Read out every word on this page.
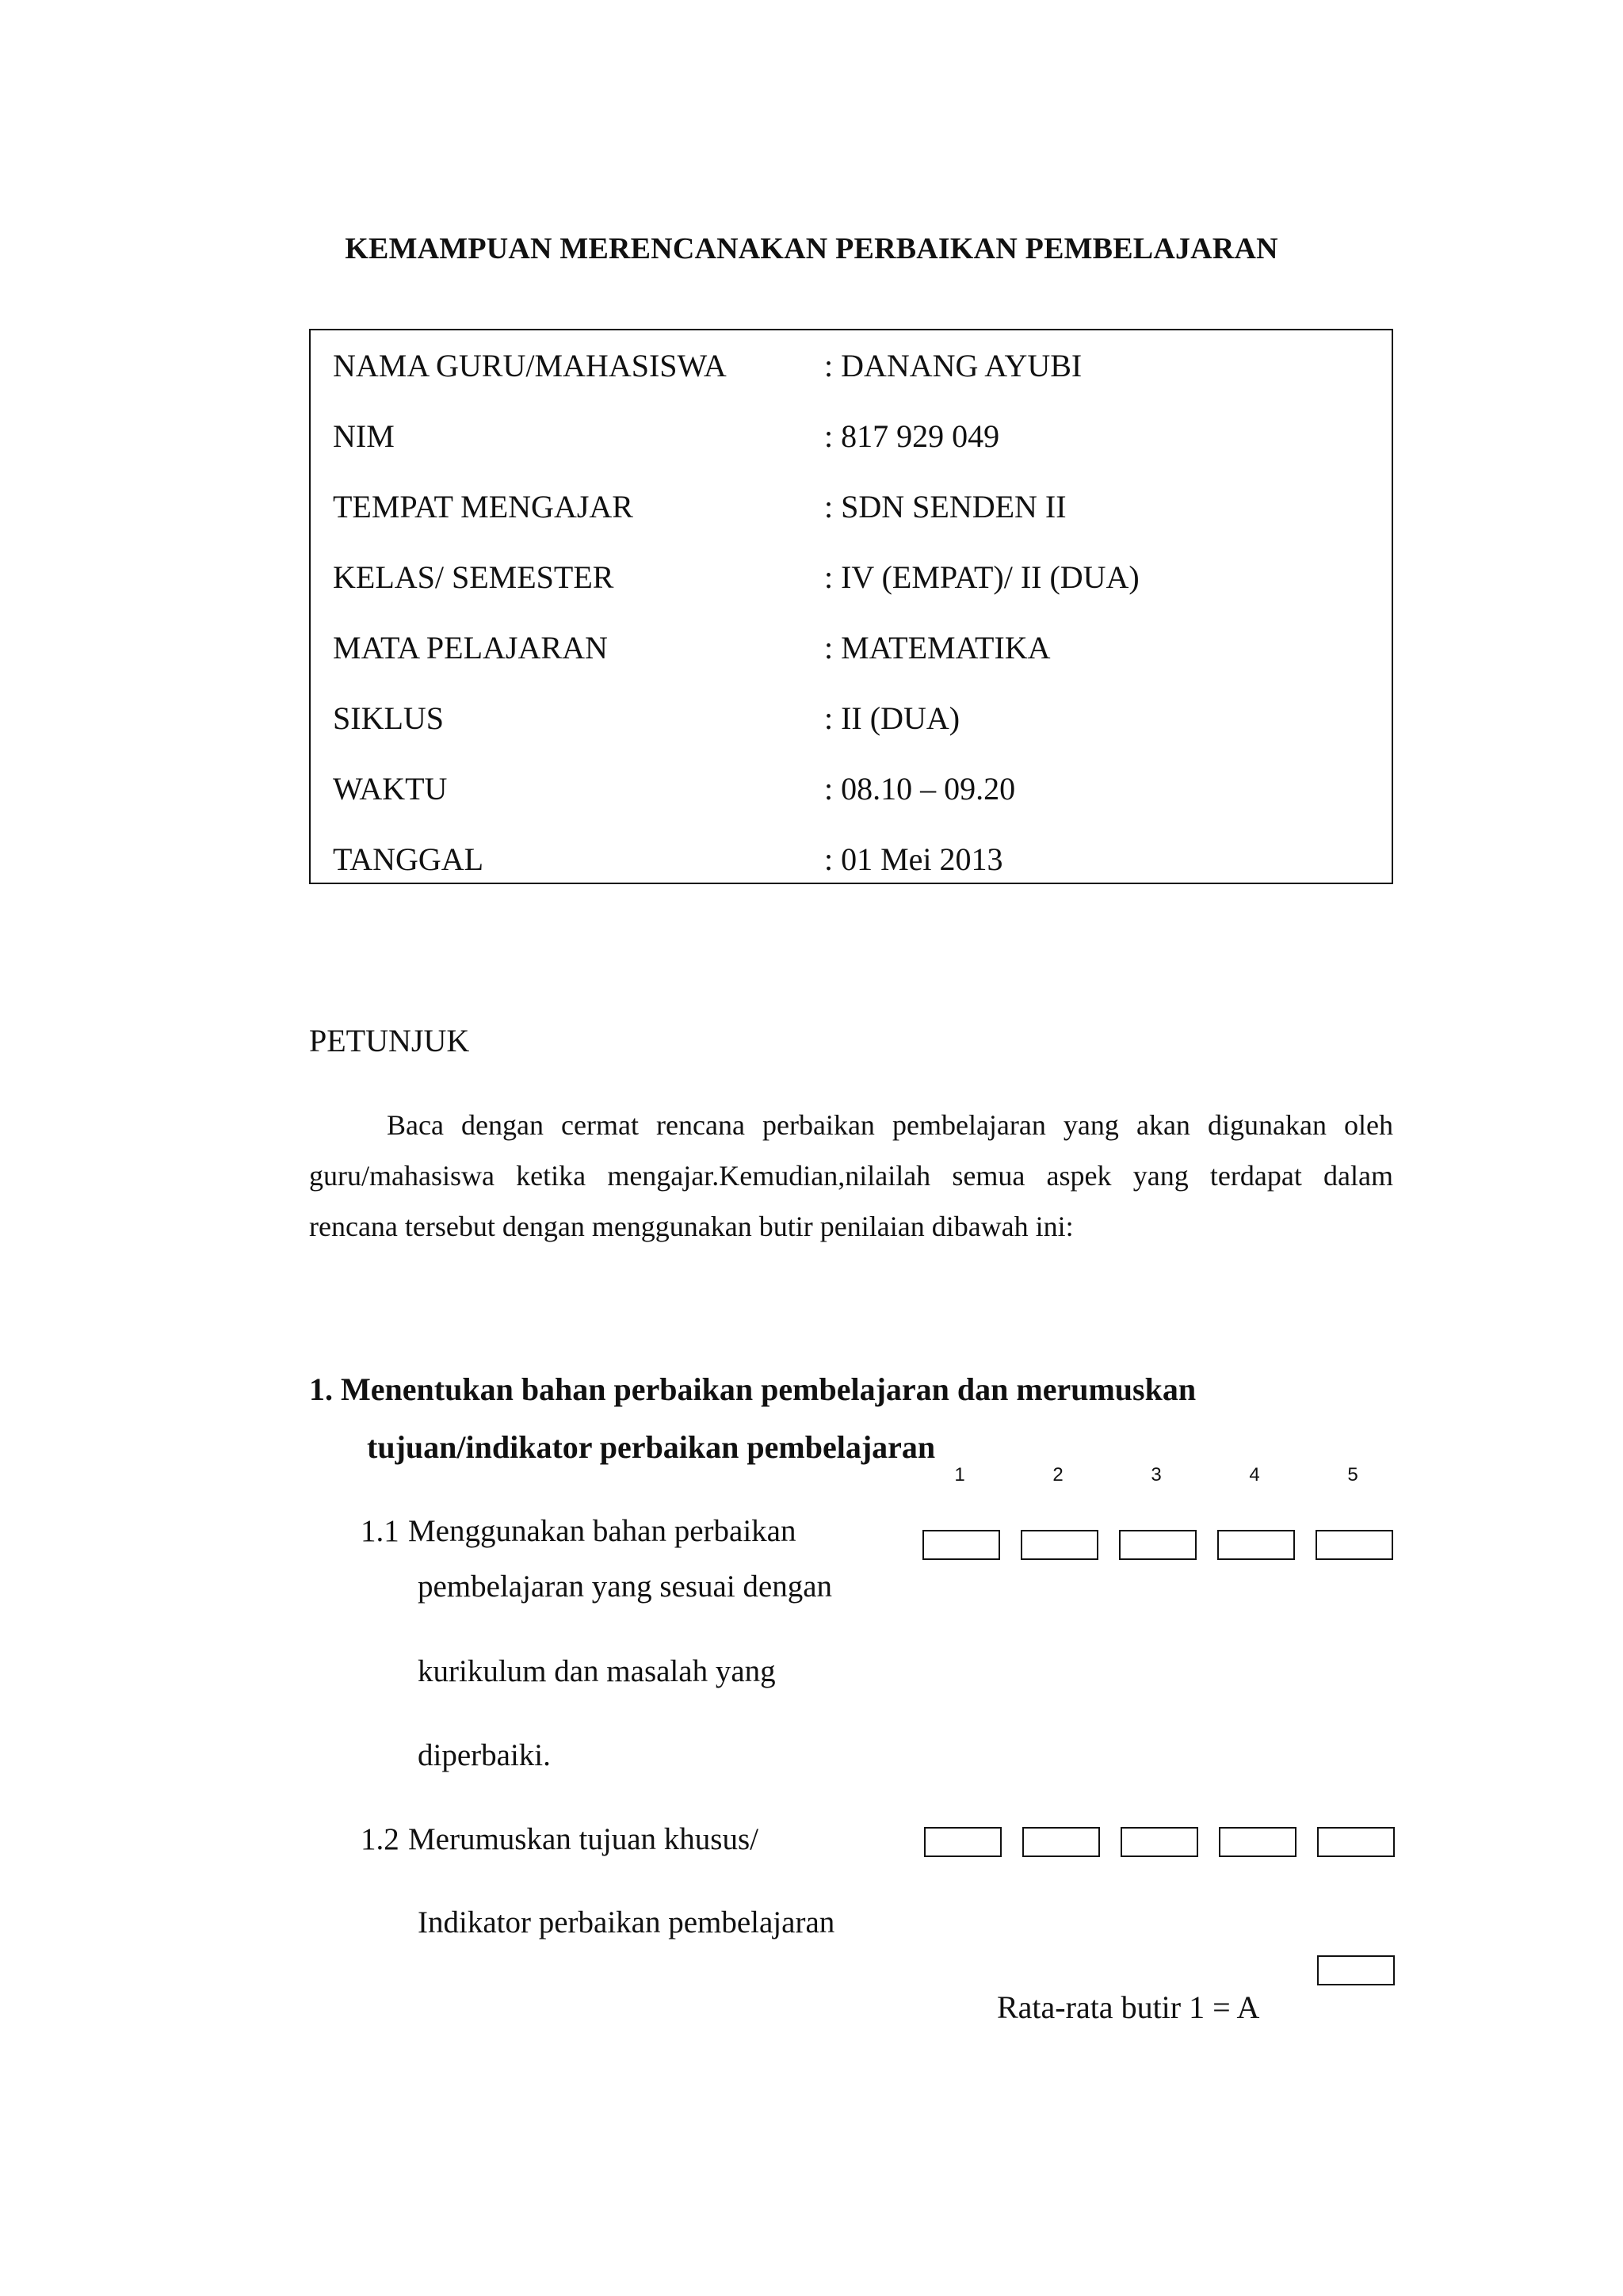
KEMAMPUAN MERENCANAKAN PERBAIKAN PEMBELAJARAN
NAMA GURU/MAHASISWA	: DANANG AYUBI
NIM	: 817 929 049
TEMPAT MENGAJAR	: SDN SENDEN II
KELAS/ SEMESTER	: IV (EMPAT)/ II (DUA)
MATA PELAJARAN	: MATEMATIKA
SIKLUS	: II (DUA)
WAKTU	: 08.10 – 09.20
TANGGAL	: 01 Mei 2013
PETUNJUK
Baca dengan cermat rencana perbaikan pembelajaran yang akan digunakan oleh
guru/mahasiswa ketika mengajar.Kemudian,nilailah semua aspek yang terdapat dalam
rencana tersebut dengan menggunakan butir penilaian dibawah ini:
1. Menentukan bahan perbaikan pembelajaran dan merumuskan
tujuan/indikator perbaikan pembelajaran
1	2	3	4	5
1.1 Menggunakan bahan perbaikan
pembelajaran yang sesuai dengan
kurikulum dan masalah yang
diperbaiki.
1.2 Merumuskan tujuan khusus/
Indikator perbaikan pembelajaran
Rata-rata butir 1 = A
